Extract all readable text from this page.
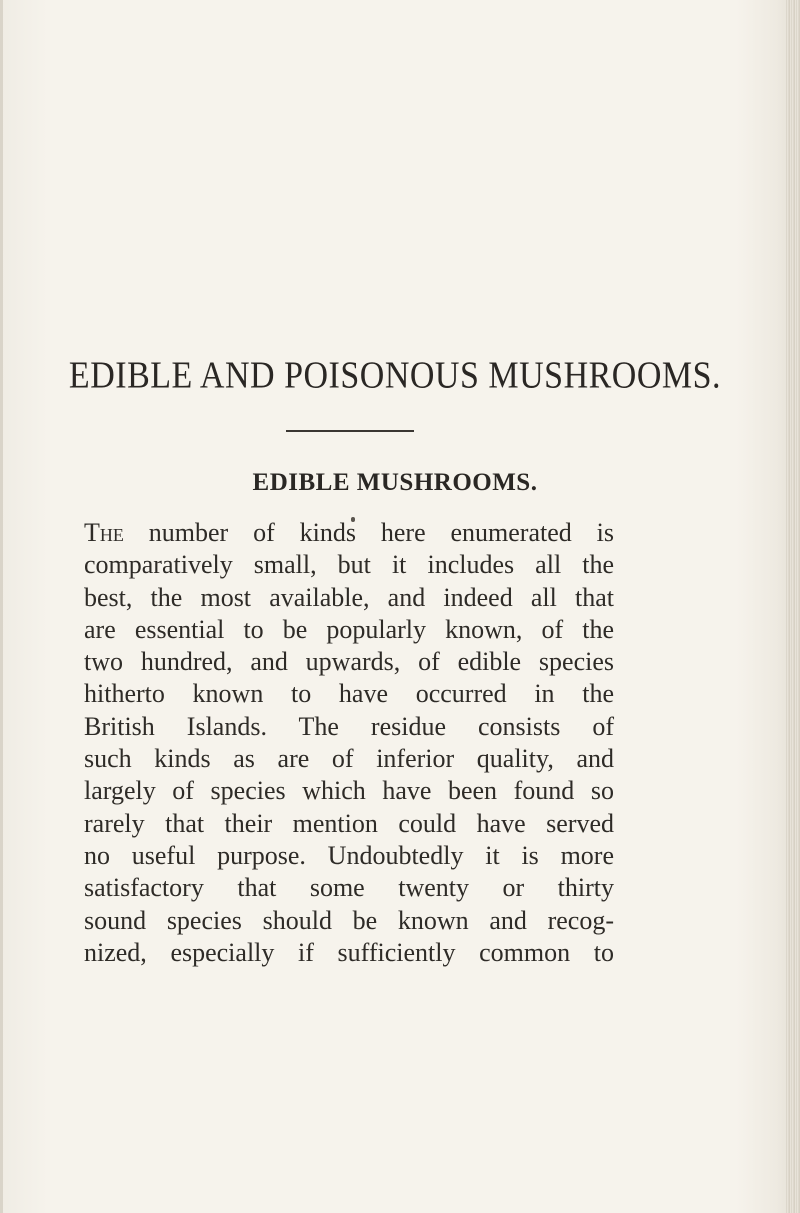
EDIBLE AND POISONOUS MUSHROOMS.
EDIBLE MUSHROOMS.
The number of kinds here enumerated is
comparatively small, but it includes all the
best, the most available, and indeed all that
are essential to be popularly known, of the
two hundred, and upwards, of edible species
hitherto known to have occurred in the
British Islands. The residue consists of
such kinds as are of inferior quality, and
largely of species which have been found so
rarely that their mention could have served
no useful purpose. Undoubtedly it is more
satisfactory that some twenty or thirty
sound species should be known and recog-
nized, especially if sufficiently common to
